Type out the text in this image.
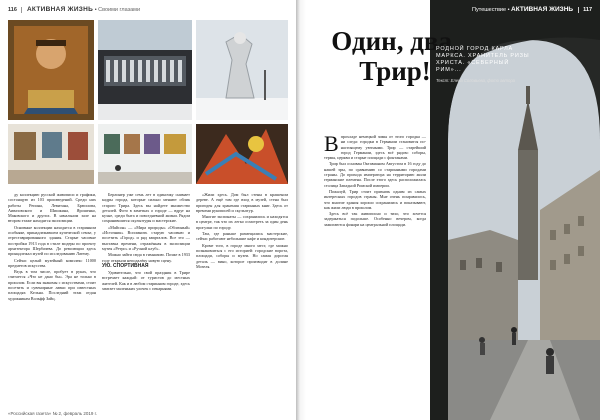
116 АКТИВНАЯ ЖИЗНЬ • Своими глазами

ду коллекцию русской живописи и графики, состоящую из 103 произведений. Среди них работы Репина, Левитана, Брюллова, Аивазовского и Шишкина, Ярошенко, Маковского и других. В начальном зале на втором этаже находятся экспозиции.

Основные коллекции находятся в старинном особняке, принадлежавшем купеческой семье, у отреставрированного здания. Старые часовые постройки 1913 года в стиле модерн по проекту архитектора Шербачева. До революции здесь принадлежал музей по исследованию Латему.

Сейчас целый музейный комплекс 11000 предметов искусства.

Ведь в том числе, пробует в руках, что считается «Что не дано бы». Эра не только в прошлом. Если вы знакомы с искусствами, стоит посетить и сувенирные лавки при известных площадях Кельна. Последний этаж отдан художникам Вольфф Зайц.

Берлинер уже семь лет в одиночку снимает кадры города, которые сильно меняют облик старого Трира. Здесь вы найдете множество деталей. Фото в заметках о городе — вдруг на кухне, среди быта и повседневной жизни. Рядом сохранившиеся скульптуры и мастерские.

«Майсон» — «Мира природы» «Облачный» «Источник» Вспомнить старую часовню и посетить «Город» и ряд кварталов. Все это — выставка времени, отражённая в экспозиции музея «Ретро» и «Ручной клуб».

Можно зайти сюда в гимназию. Позже в 1933 году открыли неподалёку новую сцену.

УЮ. СПОРТИВНАЯ

Удивительно, что свой праздник в Трире встречает каждый: от туристов до местных жителей. Как и в любом старинном городе, здесь хватает маленьких улочек с пекарнями.

«Жили здесь. Дом был стены в крашеном дереве. А ещё там где вход в музей, стена был пригоден для хранения старинных книг. Здесь от времени рукописей и скульптур.

Многие экспонаты — сохранились и находятся в центре, так что их легко осмотреть за один день прогулки по городу.

Там, где раньше размещались мастерские, сейчас работают небольшие кафе и кондитерские.

Кроме того, в городе много мест, где можно познакомиться с его историей: городские ворота, площади, соборы и музеи. Но самая дорогая деталь — вино, которое производят в долине Мозеля.

«Российская газета» № 2, февраль 2019 г.
Путешествие • АКТИВНАЯ ЖИЗНЬ 117
Один, два, Трир!
РОДНОЙ ГОРОД КАРЛА МАРКСА. ХРАНИТЕЛЬ РИЗЫ ХРИСТА. «СЕВЕРНЫЙ РИМ»...
Текст: Елена Соловьева, фото автора

Впрохладе немецкой зимы от этого городка — ни следа: городки в Германии становятся по-настоящему уютными. Трир — старейший город Германии, здесь всё рядом: соборы, термы, церкви и старые площади с фонтанами.

Трир был основан Октавианом Августом в 16 году до нашей эры, по сравнению со старинными городами страны. До прихода императора на территорию жили германские племена. После этого здесь расположилась столица Западной Римской империи.

Пожалуй, Трир стоит признать одним из самых интересных городов страны. Мне очень понравилось, что многие здания хорошо сохранились и показывают, как жили люди в прошлом.

Здесь всё так живописно и тихо, что хочется задержаться подольше. Особенно вечером, когда зажигаются фонари на центральной площади.
